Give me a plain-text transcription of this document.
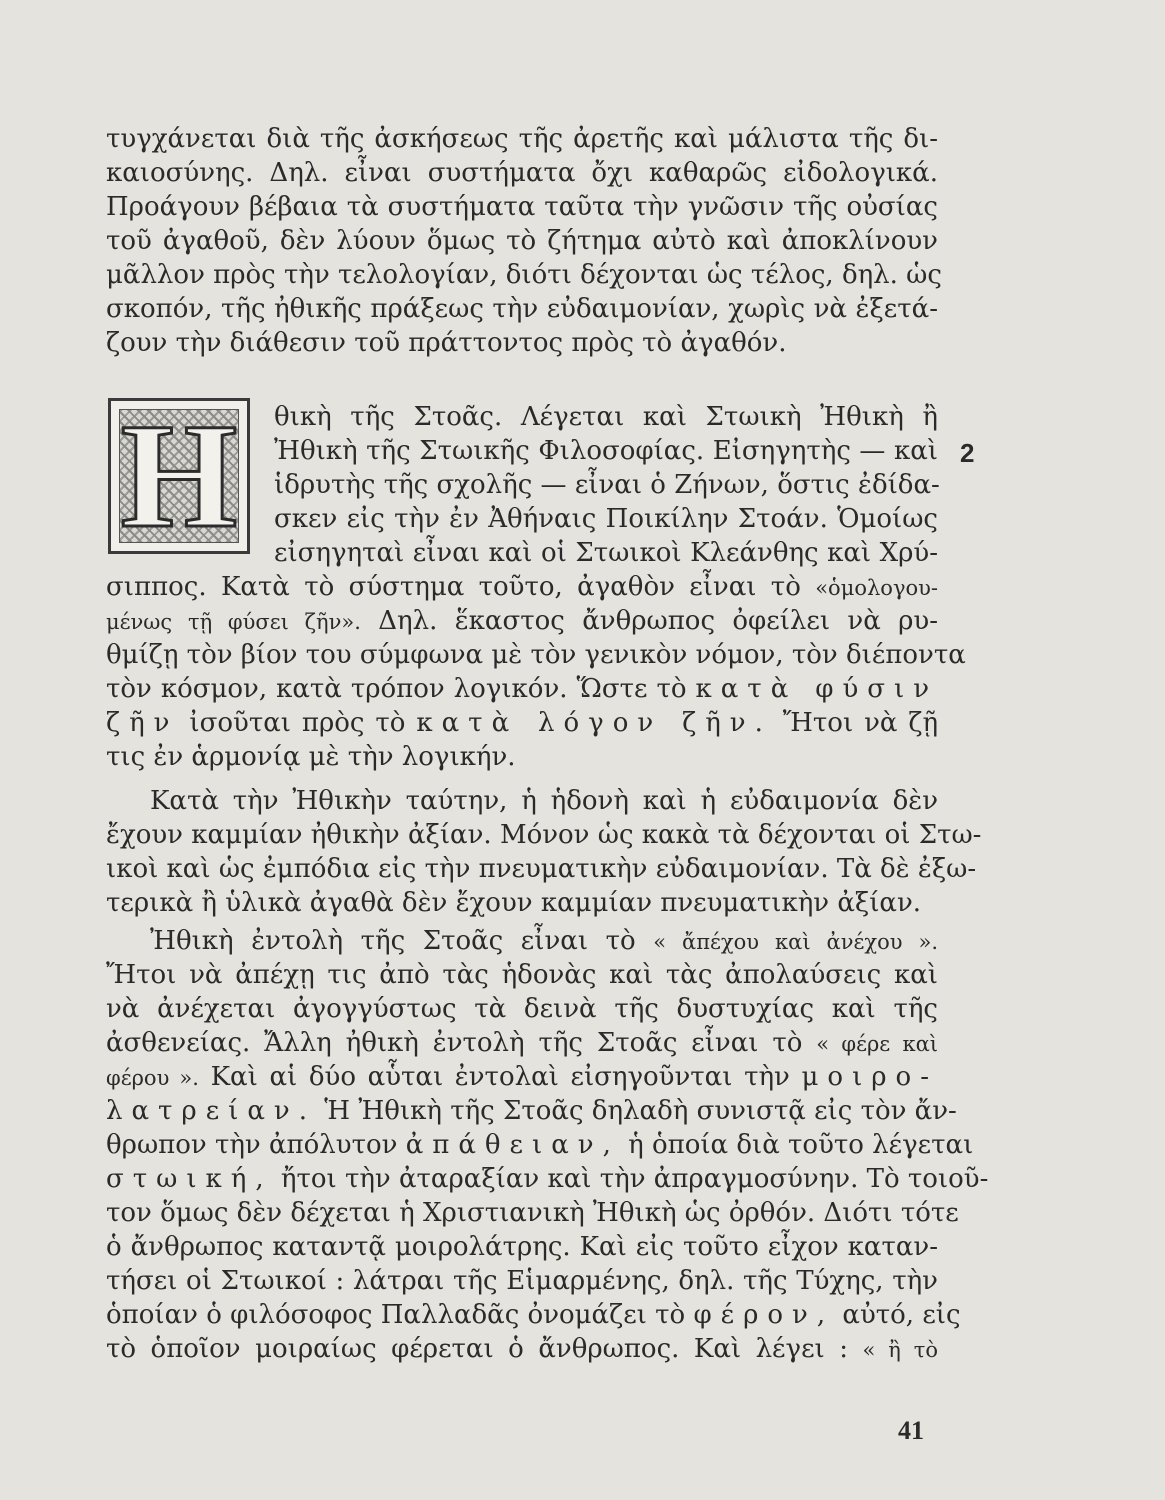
τυγχάνεται διὰ τῆς ἀσκήσεως τῆς ἀρετῆς καὶ μάλιστα τῆς δι-
καιοσύνης. Δηλ. εἶναι συστήματα ὄχι καθαρῶς εἰδολογικά.
Προάγουν βέβαια τὰ συστήματα ταῦτα τὴν γνῶσιν τῆς οὐσίας
τοῦ ἀγαθοῦ, δὲν λύουν ὅμως τὸ ζήτημα αὐτὸ καὶ ἀποκλίνουν
μᾶλλον πρὸς τὴν τελολογίαν, διότι δέχονται ὡς τέλος, δηλ. ὡς
σκοπόν, τῆς ἠθικῆς πράξεως τὴν εὐδαιμονίαν, χωρὶς νὰ ἐξετά-
ζουν τὴν διάθεσιν τοῦ πράττοντος πρὸς τὸ ἀγαθόν.
Η	2
θικὴ τῆς Στοᾶς. Λέγεται καὶ Στωικὴ Ἠθικὴ ἢ
Ἠθικὴ τῆς Στωικῆς Φιλοσοφίας. Εἰσηγητὴς — καὶ
ἱδρυτὴς τῆς σχολῆς — εἶναι ὁ Ζήνων, ὅστις ἐδίδα-
σκεν εἰς τὴν ἐν Ἀθήναις Ποικίλην Στοάν. Ὁμοίως
εἰσηγηταὶ εἶναι καὶ οἱ Στωικοὶ Κλεάνθης καὶ Χρύ-
σιππος. Κατὰ τὸ σύστημα τοῦτο, ἀγαθὸν εἶναι τὸ «ὁμολογου-
μένως τῇ φύσει ζῆν». Δηλ. ἕκαστος ἄνθρωπος ὀφείλει νὰ ρυ-
θμίζῃ τὸν βίον του σύμφωνα μὲ τὸν γενικὸν νόμον, τὸν διέποντα
τὸν κόσμον, κατὰ τρόπον λογικόν. Ὥστε τὸ κατὰ φύσιν
ζῆν ἰσοῦται πρὸς τὸ κατὰ λόγον ζῆν. Ἤτοι νὰ ζῇ
τις ἐν ἁρμονίᾳ μὲ τὴν λογικήν.
Κατὰ τὴν Ἠθικὴν ταύτην, ἡ ἡδονὴ καὶ ἡ εὐδαιμονία δὲν
ἔχουν καμμίαν ἠθικὴν ἀξίαν. Μόνον ὡς κακὰ τὰ δέχονται οἱ Στω-
ικοὶ καὶ ὡς ἐμπόδια εἰς τὴν πνευματικὴν εὐδαιμονίαν. Τὰ δὲ ἐξω-
τερικὰ ἢ ὑλικὰ ἀγαθὰ δὲν ἔχουν καμμίαν πνευματικὴν ἀξίαν.
Ἠθικὴ ἐντολὴ τῆς Στοᾶς εἶναι τὸ « ἄπέχου καὶ ἀνέχου ».
Ἤτοι νὰ ἀπέχῃ τις ἀπὸ τὰς ἡδονὰς καὶ τὰς ἀπολαύσεις καὶ
νὰ ἀνέχεται ἀγογγύστως τὰ δεινὰ τῆς δυστυχίας καὶ τῆς
ἀσθενείας. Ἄλλη ἠθικὴ ἐντολὴ τῆς Στοᾶς εἶναι τὸ « φέρε καὶ
φέρου ». Καὶ αἱ δύο αὗται ἐντολαὶ εἰσηγοῦνται τὴν μοιρο-
λατρείαν. Ἡ Ἠθικὴ τῆς Στοᾶς δηλαδὴ συνιστᾷ εἰς τὸν ἄν-
θρωπον τὴν ἀπόλυτον ἀπάθειαν, ἡ ὁποία διὰ τοῦτο λέγεται
στωική, ἤτοι τὴν ἀταραξίαν καὶ τὴν ἀπραγμοσύνην. Τὸ τοιοῦ-
τον ὅμως δὲν δέχεται ἡ Χριστιανικὴ Ἠθικὴ ὡς ὀρθόν. Διότι τότε
ὁ ἄνθρωπος καταντᾷ μοιρολάτρης. Καὶ εἰς τοῦτο εἶχον καταν-
τήσει οἱ Στωικοί : λάτραι τῆς Εἱμαρμένης, δηλ. τῆς Τύχης, τὴν
ὁποίαν ὁ φιλόσοφος Παλλαδᾶς ὀνομάζει τὸ φέρον, αὐτό, εἰς
τὸ ὁποῖον μοιραίως φέρεται ὁ ἄνθρωπος. Καὶ λέγει : « ἢ τὸ
41
